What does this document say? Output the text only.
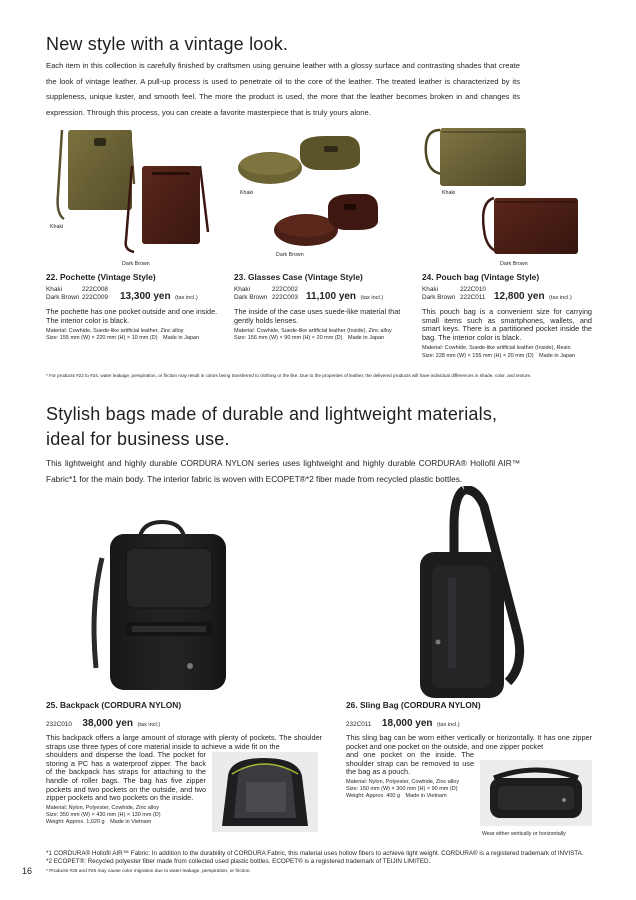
New style with a vintage look.
Each item in this collection is carefully finished by craftsmen using genuine leather with a glossy surface and contrasting shades that create the look of vintage leather. A pull-up process is used to penetrate oil to the core of the leather. The treated leather is characterized by its suppleness, unique luster, and smooth feel. The more the product is used, the more that the leather becomes broken in and changes its expression. Through this process, you can create a favorite masterpiece that is truly yours alone.
Khaki
Dark Brown
Khaki
Dark Brown
Khaki
Dark Brown
22. Pochette (Vintage Style)
Khaki	222C008
Dark Brown 222C009 13,300 yen (tax incl.)
The pochette has one pocket outside and one inside.
The interior color is black.
Material: Cowhide, Suede-like artificial leather, Zinc alloy
Size: 155 mm (W) × 220 mm (H) × 10 mm (D)　Made in Japan
23. Glasses Case (Vintage Style)
Khaki	222C002
Dark Brown 222C003 11,100 yen (tax incl.)
The inside of the case uses suede-like material that gently holds lenses.
Material: Cowhide, Suede-like artificial leather (Inside), Zinc alloy
Size: 156 mm (W) × 90 mm (H) × 20 mm (D)　Made in Japan
24. Pouch bag (Vintage Style)
Khaki	222C010
Dark Brown 222C011 12,800 yen (tax incl.)
This pouch bag is a convenient size for carrying small items such as smartphones, wallets, and smart keys. There is a partitioned pocket inside the bag. The interior color is black.
Material: Cowhide, Suede-like artificial leather (Inside), Resin
Size: 228 mm (W) × 155 mm (H) × 20 mm (D)　Made in Japan
* For products #22 to #24, water leakage, perspiration, or friction may result in colors being transferred to clothing or the like. Due to the properties of leather, the delivered products will have individual differences in shade, color, and texture.
Stylish bags made of durable and lightweight materials,
ideal for business use.
This lightweight and highly durable CORDURA NYLON series uses lightweight and highly durable CORDURA® Hollofil AIR™ Fabric*1 for the main body. The interior fabric is woven with ECOPET®*2 fiber made from recycled plastic bottles.
25. Backpack (CORDURA NYLON)
232C010 38,000 yen (tax incl.)
This backpack offers a large amount of storage with plenty of pockets. The shoulder straps use three types of core material inside to achieve a wide fit on the
shoulders and disperse the load. The pocket for storing a PC has a waterproof zipper. The back of the backpack has straps for attaching to the handle of roller bags. The bag has five zipper pockets and two pockets on the outside, and two zipper pockets and two pockets on the inside.
Material: Nylon, Polyester, Cowhide, Zinc alloy
Size: 350 mm (W) × 430 mm (H) × 130 mm (D)
Weight: Approx. 1,020 g　Made in Vietnam
26. Sling Bag (CORDURA NYLON)
232C011 18,000 yen (tax incl.)
This sling bag can be worn either vertically or horizontally. It has one zipper pocket and one pocket on the outside, and one zipper pocket
and one pocket on the inside. The shoulder strap can be removed to use the bag as a pouch.
Material: Nylon, Polyester, Cowhide, Zinc alloy
Size: 150 mm (W) × 300 mm (H) × 90 mm (D)
Weight: Approx. 400 g　Made in Vietnam
Wear either vertically or horizontally
*1 CORDURA® Hollofil AIR™ Fabric: In addition to the durability of CORDURA Fabric, this material uses hollow fibers to achieve light weight. CORDURA® is a registered trademark of INVISTA.
*2 ECOPET®: Recycled polyester fiber made from collected used plastic bottles. ECOPET® is a registered trademark of TEIJIN LIMITED.
* Products #25 and #26 may cause color migration due to water leakage, perspiration, or friction.
16
